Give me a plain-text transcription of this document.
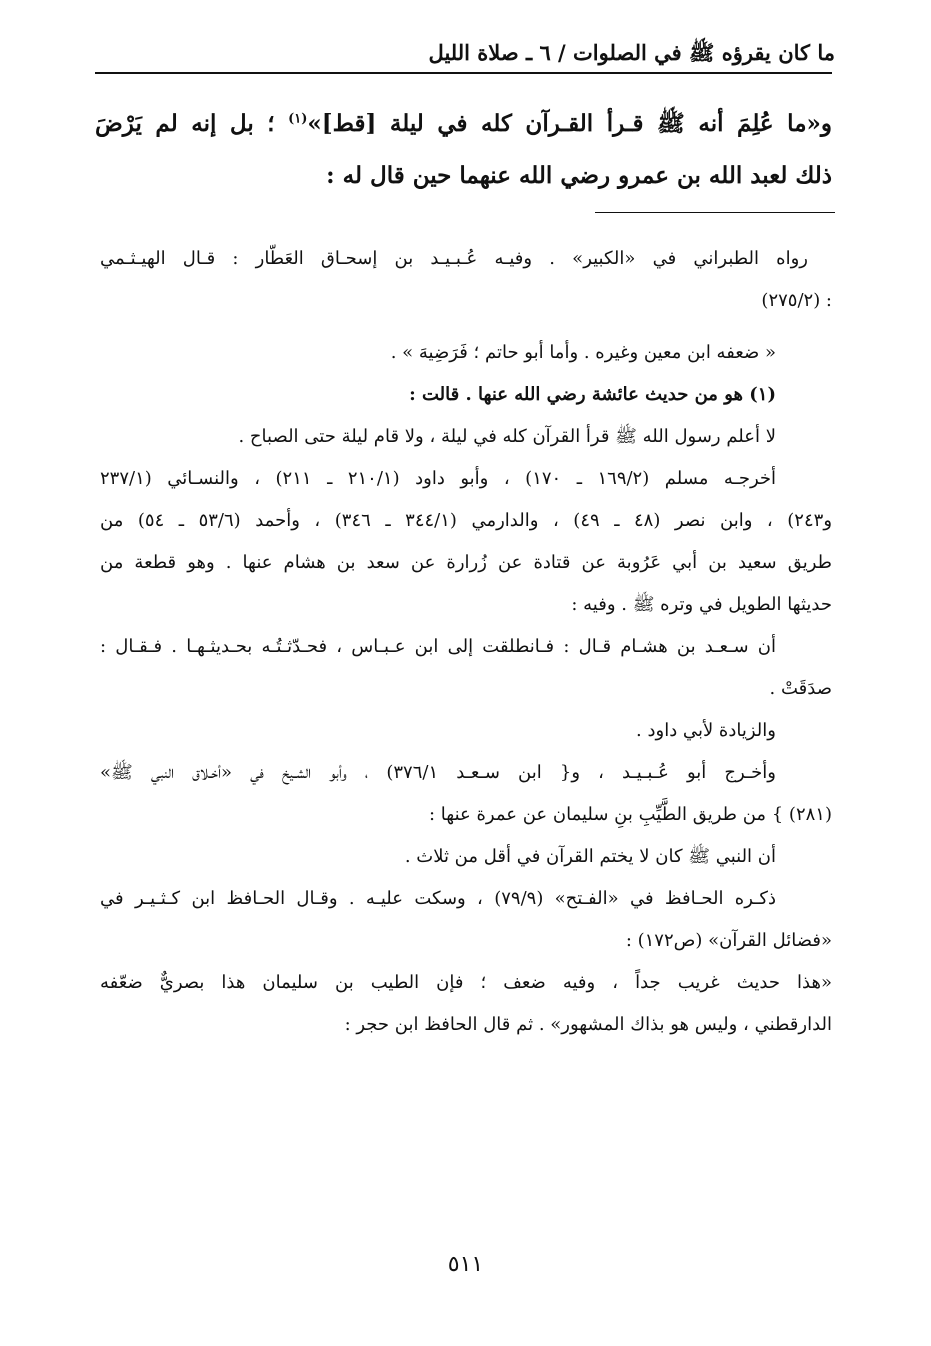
ما كان يقرؤه ﷺ في الصلوات / ٦ ـ صلاة الليل
و«ما عُلِمَ أنه ﷺ قـرأ القـرآن كله في ليلة [قط]»$^{(١)}$ ؛ بل إنه لم يَرْضَ
ذلك لعبد الله بن عمرو رضي الله عنهما حين قال له :
رواه الطبراني في «الكبير» . وفيـه عُـبـيـد بن إسحـاق العَطّار : قـال الهيـثـمي
: (٢٧٥/٢)
« ضعفه ابن معين وغيره . وأما أبو حاتم ؛ فَرَضِيهَ » .
(١) هو من حديث عائشة رضي الله عنها . قالت :
لا أعلم رسول الله ﷺ قرأ القرآن كله في ليلة ، ولا قام ليلة حتى الصباح .
أخرجـه مسلم (١٦٩/٢ ـ ١٧٠) ، وأبو داود (٢١٠/١ ـ ٢١١) ، والنسـائي (٢٣٧/١
و٢٤٣) ، وابن نصر (٤٨ ـ ٤٩) ، والدارمي (٣٤٤/١ ـ ٣٤٦) ، وأحمد (٥٣/٦ ـ ٥٤) من
طريق سعيد بن أبي عَرُوبة عن قتادة عن زُرارة عن سعد بن هشام عنها . وهو قطعة من
حديثها الطويل في وتره ﷺ . وفيه :
أن سـعـد بن هشـام قـال : فـانطلقت إلى ابن عـبـاس ، فحـدّثـتُـه بحـديثـهـا . فـقـال :
صدَقَتْ .
والزيادة لأبي داود .
وأخـرج أبو عُـبـيـد ، و{ ابن سـعـد ٣٧٦/١) ، وأبو الشـيخ في «أخـلاق النبي ﷺ»
(٢٨١) } من طريق الطَّيِّبِ بنِ سليمان عن عمرة عنها :
أن النبي ﷺ كان لا يختم القرآن في أقل من ثلاث .
ذكـره الحـافظ في «الفـتح» (٧٩/٩) ، وسكت عليـه . وقـال الحـافظ ابن كـثـيـر في
«فضائل القرآن» (ص١٧٢) :
«هذا حديث غريب جداً ، وفيه ضعف ؛ فإن الطيب بن سليمان هذا بصريٌّ ضعّفه
الدارقطني ، وليس هو بذاك المشهور» . ثم قال الحافظ ابن حجر :
٥١١
